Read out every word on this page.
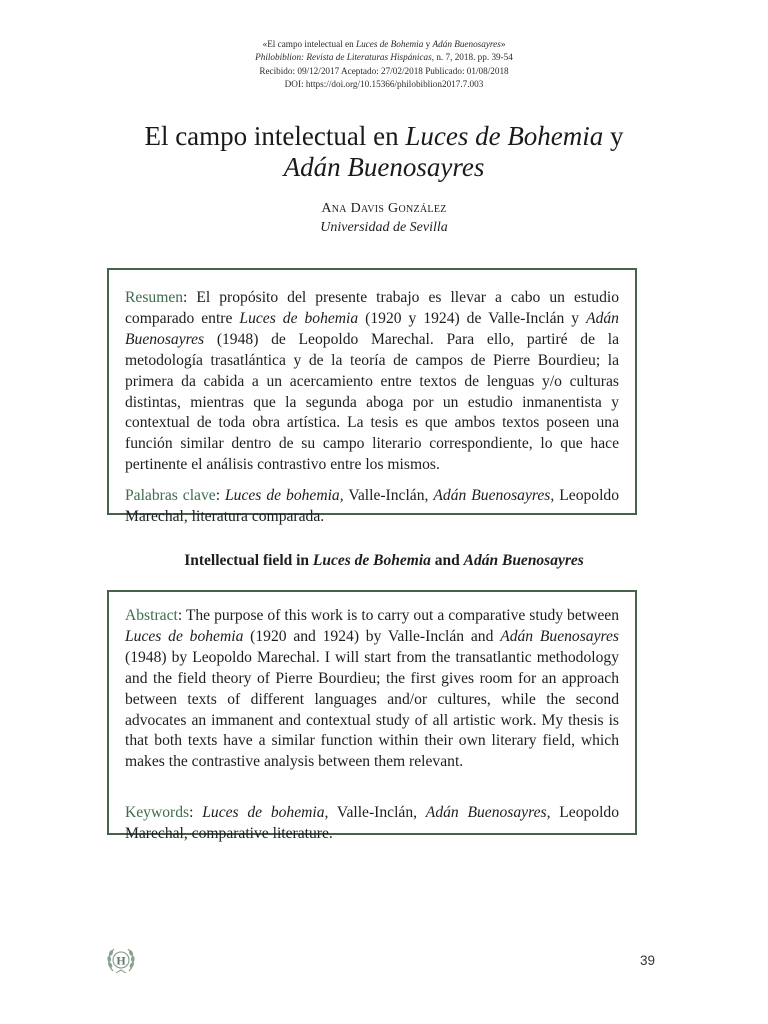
«El campo intelectual en Luces de Bohemia y Adán Buenosayres»
Philobiblion: Revista de Literaturas Hispánicas, n. 7, 2018. pp. 39-54
Recibido: 09/12/2017 Aceptado: 27/02/2018 Publicado: 01/08/2018
DOI: https://doi.org/10.15366/philobiblion2017.7.003
El campo intelectual en Luces de Bohemia y
Adán Buenosayres
Ana Davis González
Universidad de Sevilla

Resumen: El propósito del presente trabajo es llevar a cabo un estudio comparado entre Luces de bohemia (1920 y 1924) de Valle-Inclán y Adán Buenosayres (1948) de Leopoldo Marechal. Para ello, partiré de la metodología trasatlántica y de la teoría de campos de Pierre Bourdieu; la primera da cabida a un acercamiento entre textos de lenguas y/o culturas distintas, mientras que la segunda aboga por un estudio inmanentista y contextual de toda obra artística. La tesis es que ambos textos poseen una función similar dentro de su campo literario correspondiente, lo que hace pertinente el análisis contrastivo entre los mismos.

Palabras clave: Luces de bohemia, Valle-Inclán, Adán Buenosayres, Leopoldo Marechal, literatura comparada.

Intellectual field in Luces de Bohemia and Adán Buenosayres

Abstract: The purpose of this work is to carry out a comparative study between Luces de bohemia (1920 and 1924) by Valle-Inclán and Adán Buenosayres (1948) by Leopoldo Marechal. I will start from the transatlantic methodology and the field theory of Pierre Bourdieu; the first gives room for an approach between texts of different languages and/or cultures, while the second advocates an immanent and contextual study of all artistic work. My thesis is that both texts have a similar function within their own literary field, which makes the contrastive analysis between them relevant.

Keywords: Luces de bohemia, Valle-Inclán, Adán Buenosayres, Leopoldo Marechal, comparative literature.

H	39
